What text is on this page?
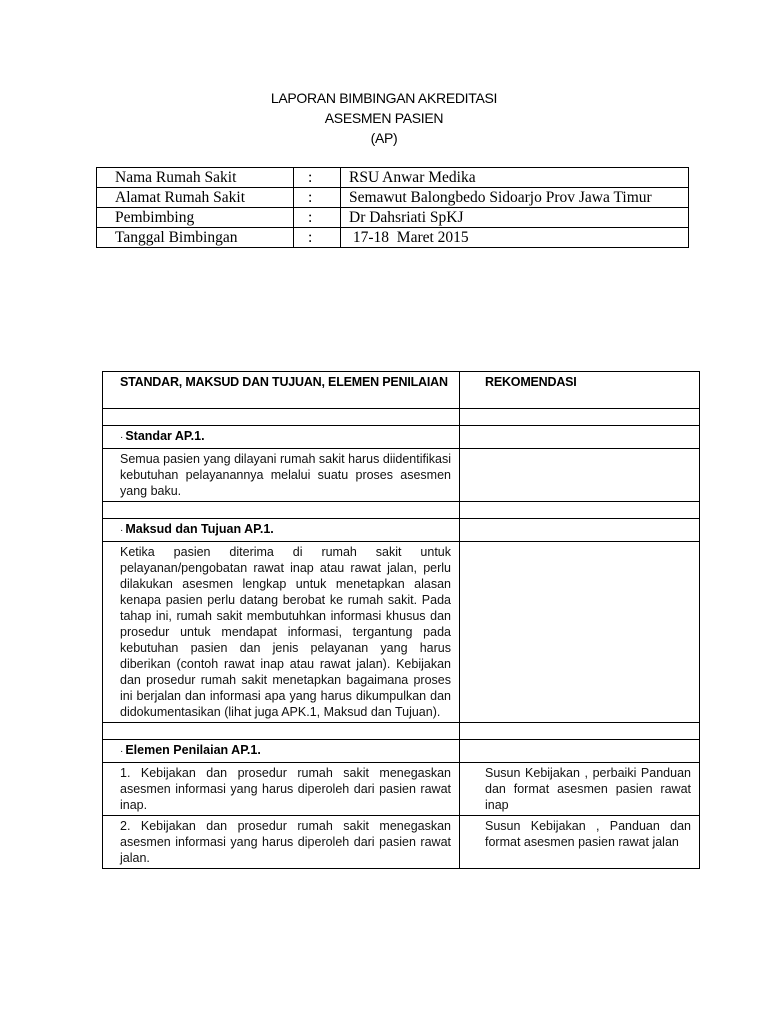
LAPORAN BIMBINGAN AKREDITASI
ASESMEN PASIEN
(AP)
Nama Rumah Sakit	:	RSU Anwar Medika
Alamat Rumah Sakit	:	Semawut Balongbedo Sidoarjo Prov Jawa Timur
Pembimbing	:	Dr Dahsriati SpKJ
Tanggal Bimbingan	:	17-18  Maret 2015
STANDAR, MAKSUD DAN TUJUAN, ELEMEN PENILAIAN	REKOMENDASI

· Standar AP.1.	
Semua pasien yang dilayani rumah sakit harus diidentifikasi kebutuhan pelayanannya melalui suatu proses asesmen yang baku.	

· Maksud dan Tujuan AP.1.	
Ketika pasien diterima di rumah sakit untuk pelayanan/pengobatan rawat inap atau rawat jalan, perlu dilakukan asesmen lengkap untuk menetapkan alasan kenapa pasien perlu datang berobat ke rumah sakit. Pada tahap ini, rumah sakit membutuhkan informasi khusus dan prosedur untuk mendapat informasi, tergantung pada kebutuhan pasien dan jenis pelayanan yang harus diberikan (contoh rawat inap atau rawat jalan). Kebijakan dan prosedur rumah sakit menetapkan bagaimana proses ini berjalan dan informasi apa yang harus dikumpulkan dan didokumentasikan (lihat juga APK.1, Maksud dan Tujuan).	

· Elemen Penilaian AP.1.	
1. Kebijakan dan prosedur rumah sakit menegaskan asesmen informasi yang harus diperoleh dari pasien rawat inap.	Susun Kebijakan , perbaiki Panduan dan format asesmen pasien rawat inap
2. Kebijakan dan prosedur rumah sakit menegaskan asesmen informasi yang harus diperoleh dari pasien rawat jalan.	Susun Kebijakan , Panduan dan format asesmen pasien rawat jalan
